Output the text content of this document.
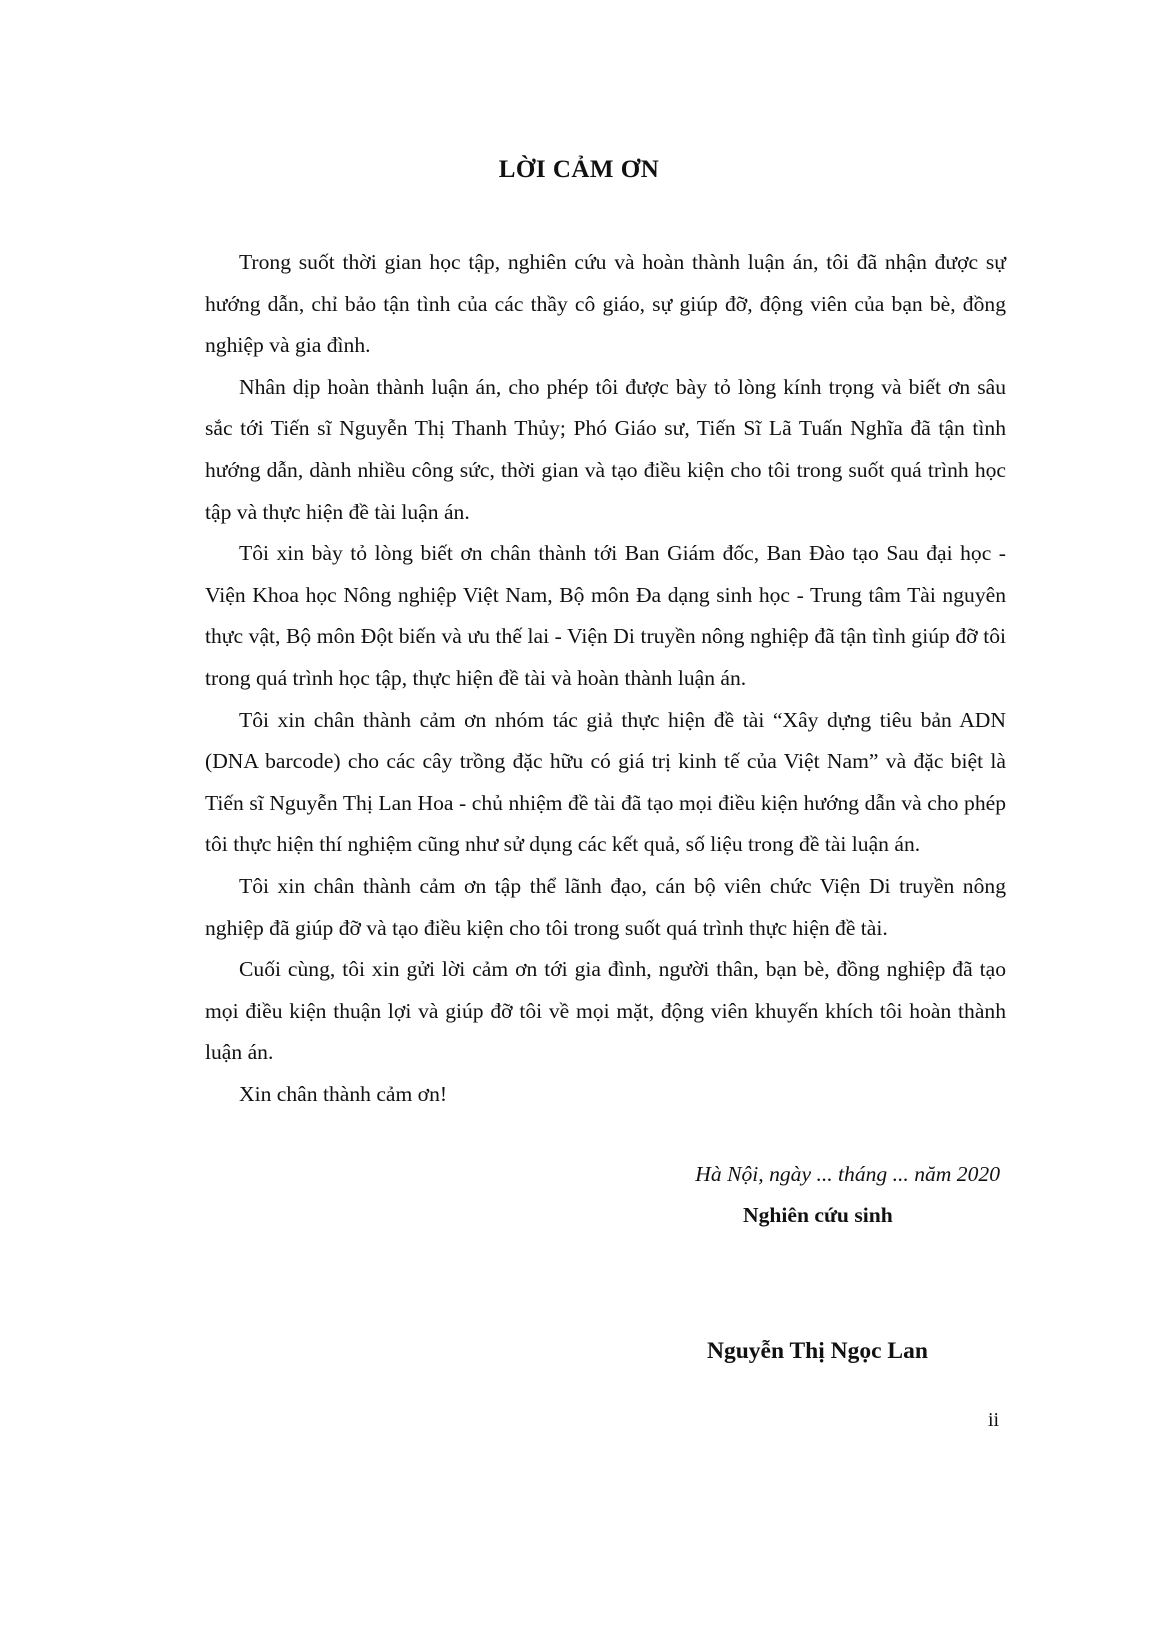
LỜI CẢM ƠN

Trong suốt thời gian học tập, nghiên cứu và hoàn thành luận án, tôi đã nhận được sự hướng dẫn, chỉ bảo tận tình của các thầy cô giáo, sự giúp đỡ, động viên của bạn bè, đồng nghiệp và gia đình.

Nhân dịp hoàn thành luận án, cho phép tôi được bày tỏ lòng kính trọng và biết ơn sâu sắc tới Tiến sĩ Nguyễn Thị Thanh Thủy; Phó Giáo sư, Tiến Sĩ Lã Tuấn Nghĩa đã tận tình hướng dẫn, dành nhiều công sức, thời gian và tạo điều kiện cho tôi trong suốt quá trình học tập và thực hiện đề tài luận án.

Tôi xin bày tỏ lòng biết ơn chân thành tới Ban Giám đốc, Ban Đào tạo Sau đại học - Viện Khoa học Nông nghiệp Việt Nam, Bộ môn Đa dạng sinh học - Trung tâm Tài nguyên thực vật, Bộ môn Đột biến và ưu thế lai - Viện Di truyền nông nghiệp đã tận tình giúp đỡ tôi trong quá trình học tập, thực hiện đề tài và hoàn thành luận án.

Tôi xin chân thành cảm ơn nhóm tác giả thực hiện đề tài “Xây dựng tiêu bản ADN (DNA barcode) cho các cây trồng đặc hữu có giá trị kinh tế của Việt Nam” và đặc biệt là Tiến sĩ Nguyễn Thị Lan Hoa - chủ nhiệm đề tài đã tạo mọi điều kiện hướng dẫn và cho phép tôi thực hiện thí nghiệm cũng như sử dụng các kết quả, số liệu trong đề tài luận án.

Tôi xin chân thành cảm ơn tập thể lãnh đạo, cán bộ viên chức Viện Di truyền nông nghiệp đã giúp đỡ và tạo điều kiện cho tôi trong suốt quá trình thực hiện đề tài.

Cuối cùng, tôi xin gửi lời cảm ơn tới gia đình, người thân, bạn bè, đồng nghiệp đã tạo mọi điều kiện thuận lợi và giúp đỡ tôi về mọi mặt, động viên khuyến khích tôi hoàn thành luận án.

Xin chân thành cảm ơn!

Hà Nội, ngày ... tháng ... năm 2020

Nghiên cứu sinh

Nguyễn Thị Ngọc Lan

ii
